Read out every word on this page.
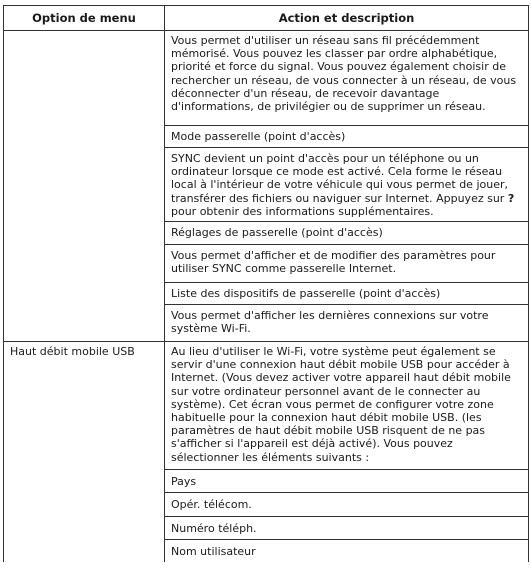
Option de menu	Action et description
Vous permet d'utiliser un réseau sans fil précédemment mémorisé. Vous pouvez les classer par ordre alphabétique, priorité et force du signal. Vous pouvez également choisir de rechercher un réseau, de vous connecter à un réseau, de vous déconnecter d'un réseau, de recevoir davantage d'informations, de privilégier ou de supprimer un réseau.
Mode passerelle (point d'accès)
SYNC devient un point d'accès pour un téléphone ou un ordinateur lorsque ce mode est activé. Cela forme le réseau local à l'intérieur de votre véhicule qui vous permet de jouer, transférer des fichiers ou naviguer sur Internet. Appuyez sur ? pour obtenir des informations supplémentaires.
Réglages de passerelle (point d'accès)
Vous permet d'afficher et de modifier des paramètres pour utiliser SYNC comme passerelle Internet.
Liste des dispositifs de passerelle (point d'accès)
Vous permet d'afficher les dernières connexions sur votre système Wi-Fi.
Haut débit mobile USB	Au lieu d'utiliser le Wi-Fi, votre système peut également se servir d'une connexion haut débit mobile USB pour accéder à Internet. (Vous devez activer votre appareil haut débit mobile sur votre ordinateur personnel avant de le connecter au système). Cet écran vous permet de configurer votre zone habituelle pour la connexion haut débit mobile USB. (les paramètres de haut débit mobile USB risquent de ne pas s'afficher si l'appareil est déjà activé). Vous pouvez sélectionner les éléments suivants :
Pays
Opér. télécom.
Numéro téléph.
Nom utilisateur
